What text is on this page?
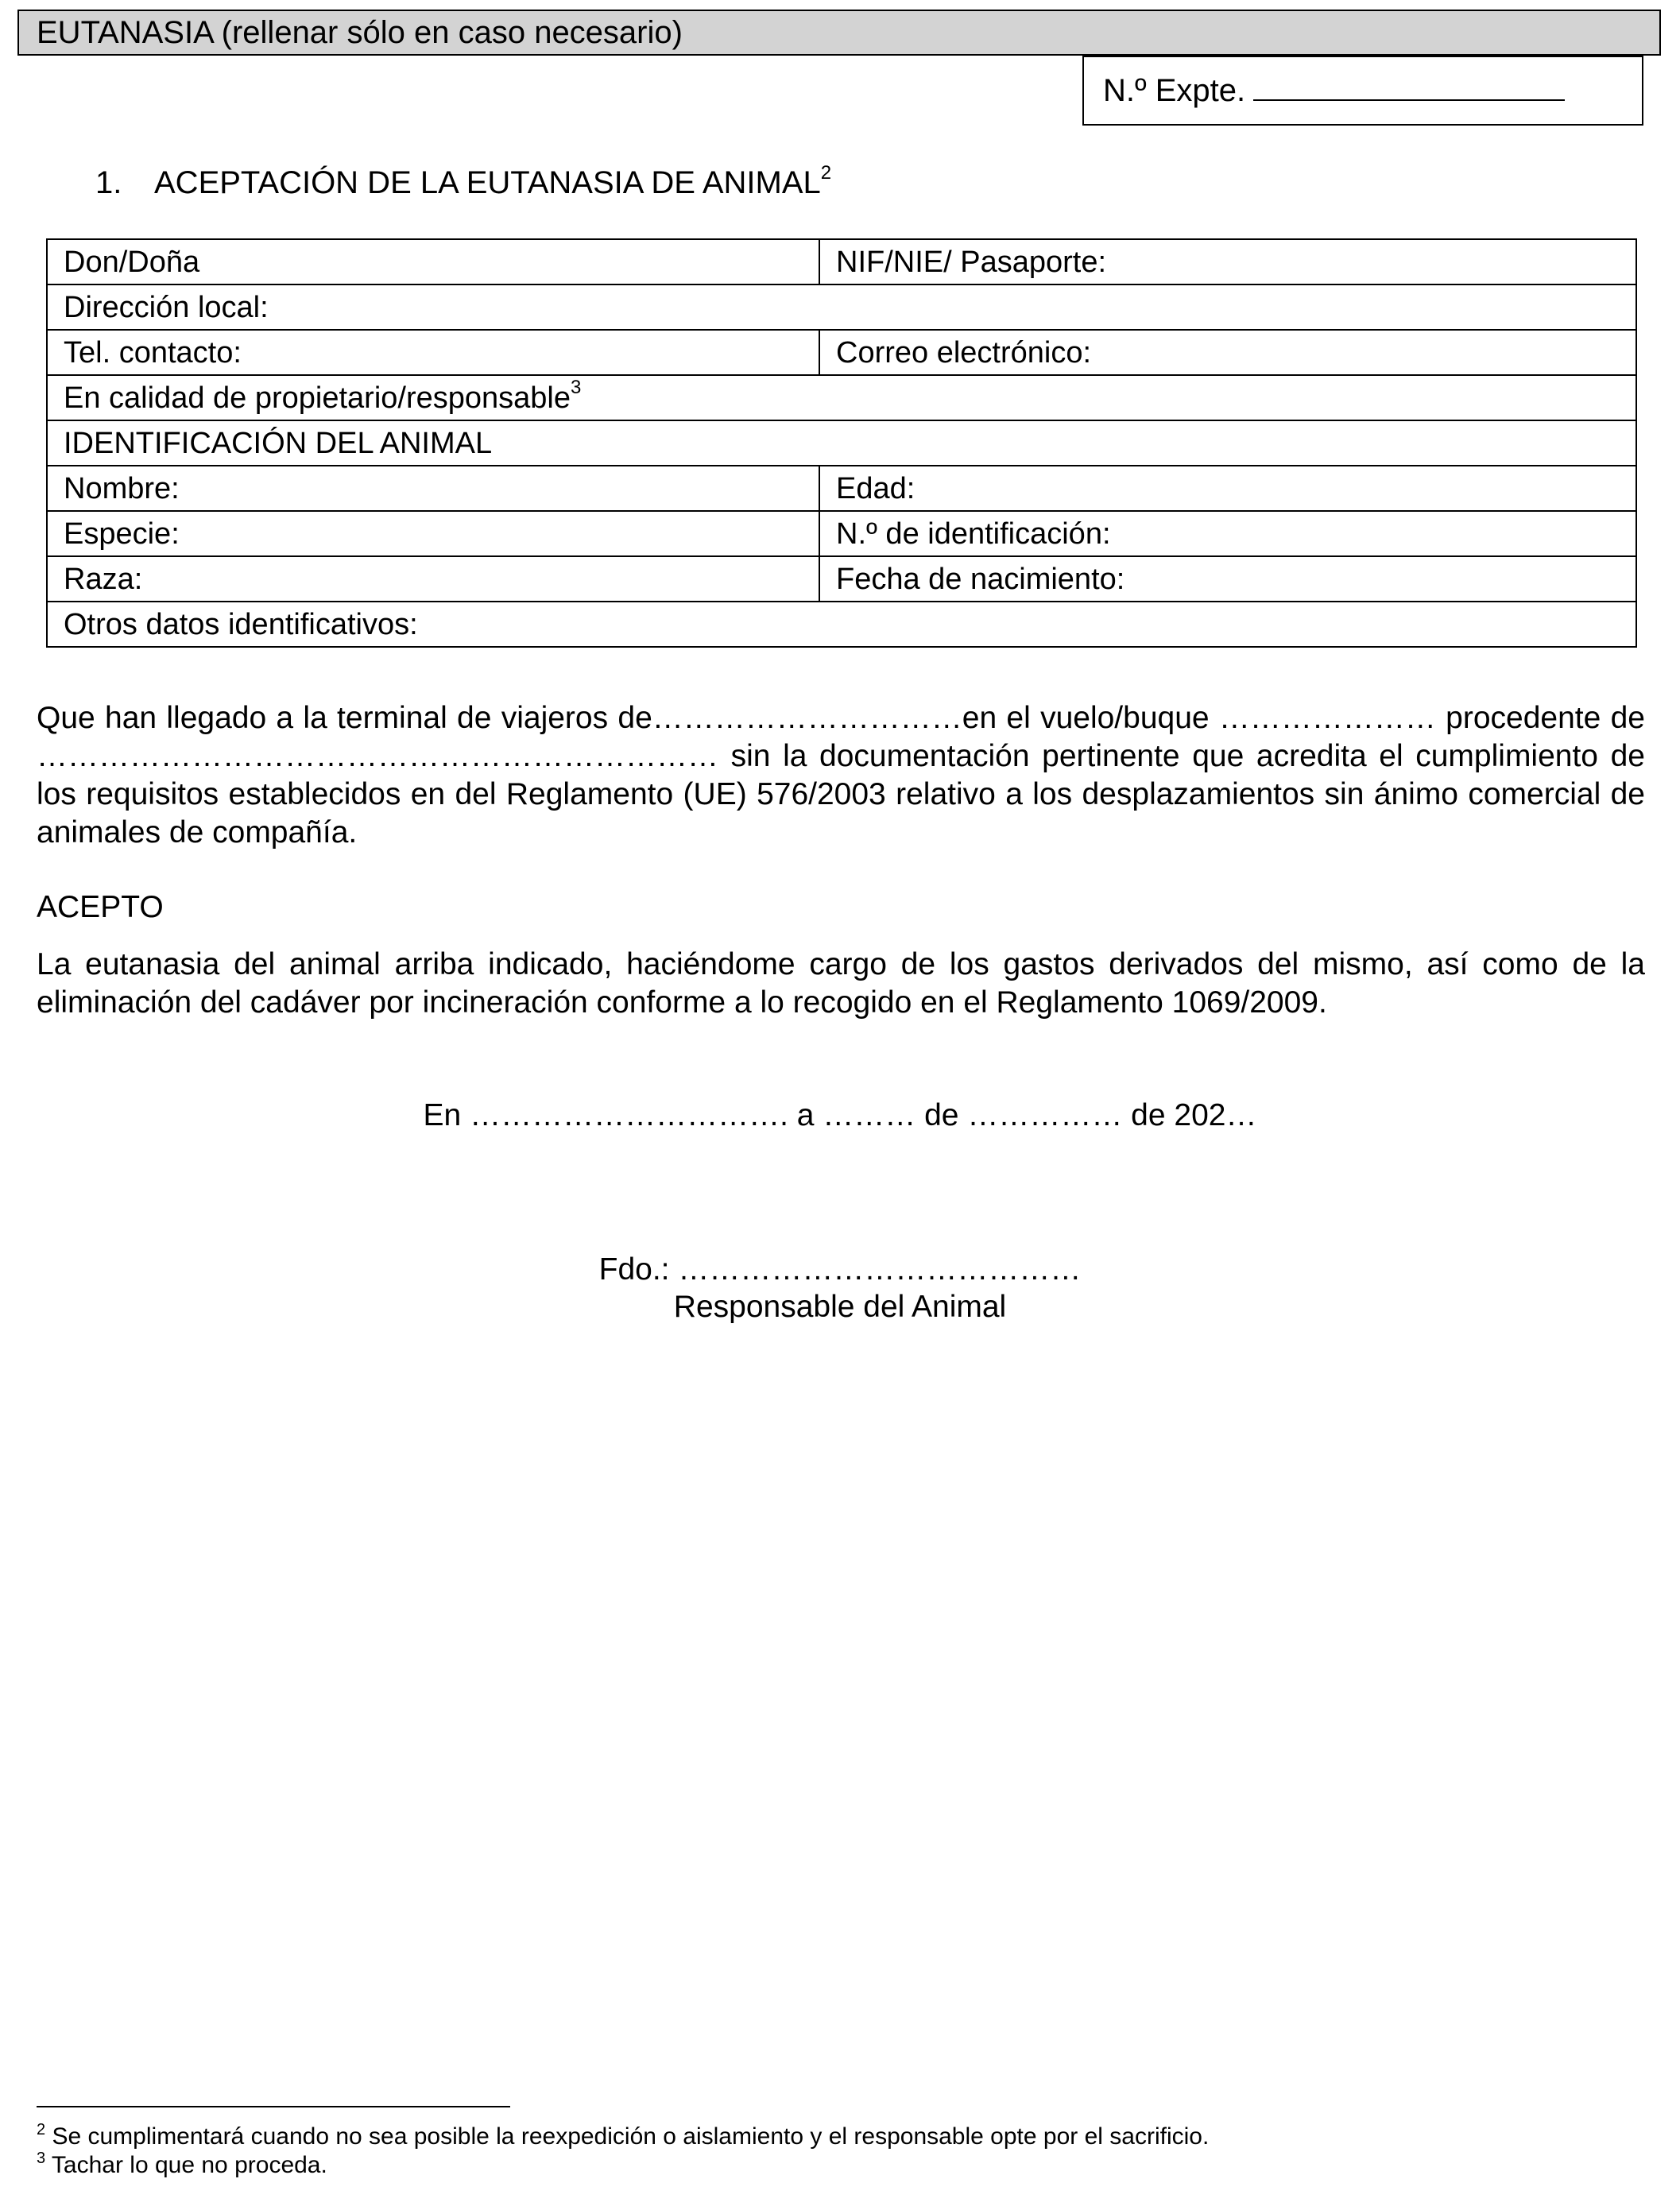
EUTANASIA (rellenar sólo en caso necesario)
N.º Expte.
1. ACEPTACIÓN DE LA EUTANASIA DE ANIMAL$^2$
Don/Doña	NIF/NIE/ Pasaporte:
Dirección local:	
Tel. contacto:	Correo electrónico:
En calidad de propietario/responsable$^3$
IDENTIFICACIÓN DEL ANIMAL	
Nombre:	Edad:
Especie:	N.º de identificación:
Raza:	Fecha de nacimiento:
Otros datos identificativos:	
Que han llegado a la terminal de viajeros de…………………………en el vuelo/buque ………………… procedente de ………………………………………………………… sin la documentación pertinente que acredita el cumplimiento de los requisitos establecidos en del Reglamento (UE) 576/2003 relativo a los desplazamientos sin ánimo comercial de animales de compañía.
ACEPTO
La eutanasia del animal arriba indicado, haciéndome cargo de los gastos derivados del mismo, así como de la eliminación del cadáver por incineración conforme a lo recogido en el Reglamento 1069/2009.
En …………………………. a ……… de …………… de 202…
Fdo.: …………………………………
Responsable del Animal
$^2$ Se cumplimentará cuando no sea posible la reexpedición o aislamiento y el responsable opte por el sacrificio.
$^3$ Tachar lo que no proceda.
